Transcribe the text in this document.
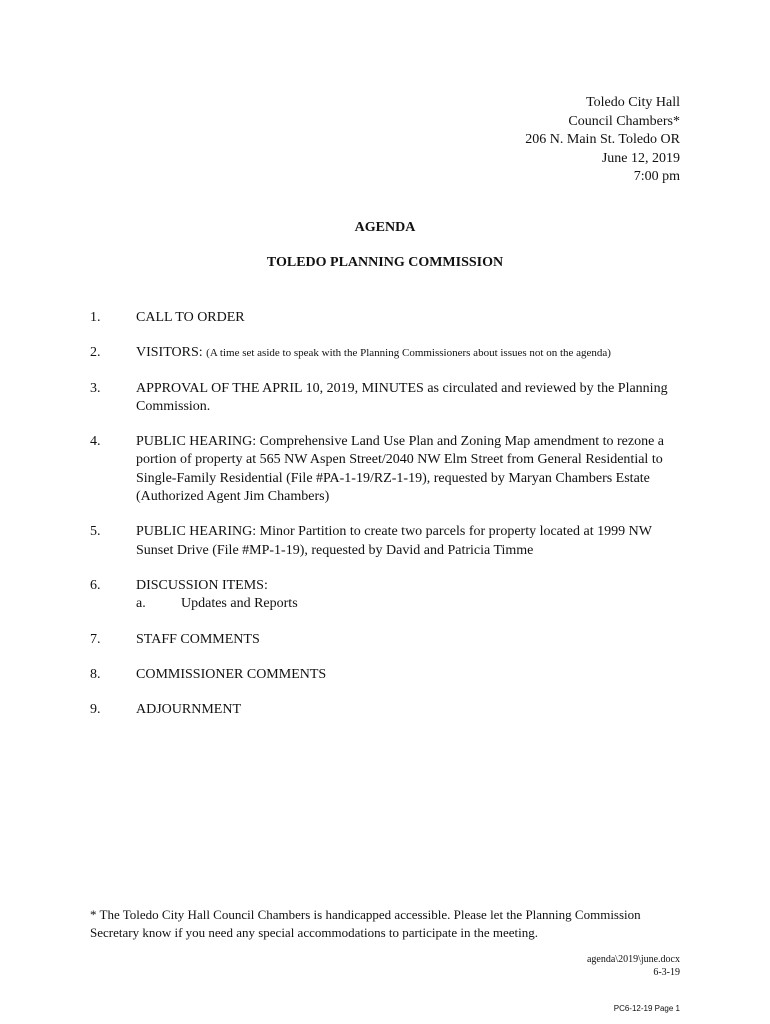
Toledo City Hall
Council Chambers*
206 N. Main St. Toledo OR
June 12, 2019
7:00 pm
AGENDA
TOLEDO PLANNING COMMISSION
1.	CALL TO ORDER
2.	VISITORS: (A time set aside to speak with the Planning Commissioners about issues not on the agenda)
3.	APPROVAL OF THE APRIL 10, 2019, MINUTES as circulated and reviewed by the Planning Commission.
4.	PUBLIC HEARING: Comprehensive Land Use Plan and Zoning Map amendment to rezone a portion of property at 565 NW Aspen Street/2040 NW Elm Street from General Residential to Single-Family Residential (File #PA-1-19/RZ-1-19), requested by Maryan Chambers Estate (Authorized Agent Jim Chambers)
5.	PUBLIC HEARING: Minor Partition to create two parcels for property located at 1999 NW Sunset Drive (File #MP-1-19), requested by David and Patricia Timme
6.	DISCUSSION ITEMS:
a.	Updates and Reports
7.	STAFF COMMENTS
8.	COMMISSIONER COMMENTS
9.	ADJOURNMENT
* The Toledo City Hall Council Chambers is handicapped accessible. Please let the Planning Commission Secretary know if you need any special accommodations to participate in the meeting.
agenda\2019\june.docx
6-3-19
PC6-12-19 Page 1
